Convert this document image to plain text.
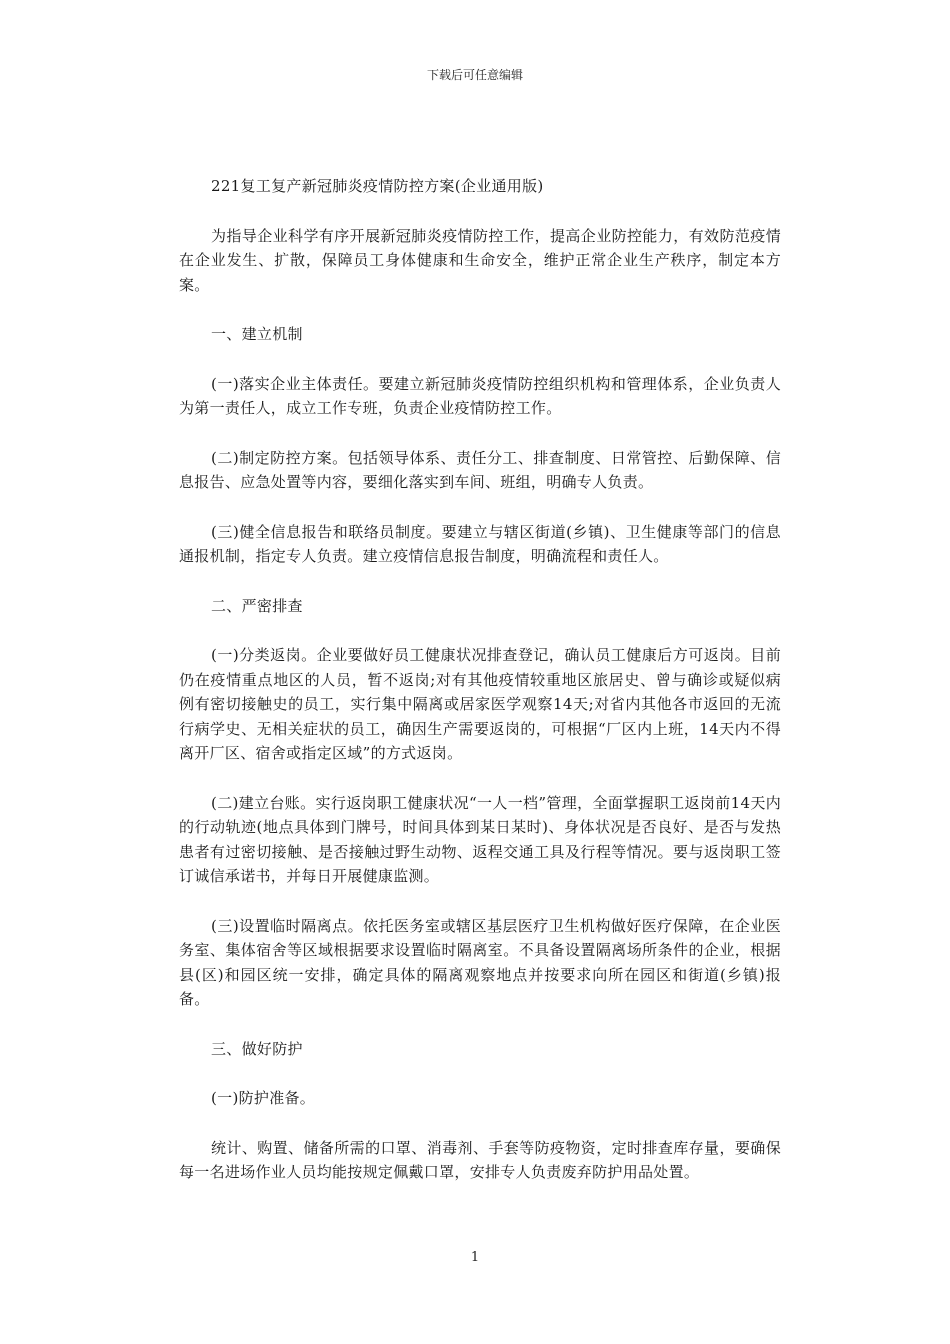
下载后可任意编辑

221复工复产新冠肺炎疫情防控方案(企业通用版)

为指导企业科学有序开展新冠肺炎疫情防控工作，提高企业防控能力，有效防范疫情在企业发生、扩散，保障员工身体健康和生命安全，维护正常企业生产秩序，制定本方案。

一、建立机制

(一)落实企业主体责任。要建立新冠肺炎疫情防控组织机构和管理体系，企业负责人为第一责任人，成立工作专班，负责企业疫情防控工作。

(二)制定防控方案。包括领导体系、责任分工、排查制度、日常管控、后勤保障、信息报告、应急处置等内容，要细化落实到车间、班组，明确专人负责。

(三)健全信息报告和联络员制度。要建立与辖区街道(乡镇)、卫生健康等部门的信息通报机制，指定专人负责。建立疫情信息报告制度，明确流程和责任人。

二、严密排查

(一)分类返岗。企业要做好员工健康状况排查登记，确认员工健康后方可返岗。目前仍在疫情重点地区的人员，暂不返岗;对有其他疫情较重地区旅居史、曾与确诊或疑似病例有密切接触史的员工，实行集中隔离或居家医学观察14天;对省内其他各市返回的无流行病学史、无相关症状的员工，确因生产需要返岗的，可根据“厂区内上班，14天内不得离开厂区、宿舍或指定区域”的方式返岗。

(二)建立台账。实行返岗职工健康状况“一人一档”管理，全面掌握职工返岗前14天内的行动轨迹(地点具体到门牌号，时间具体到某日某时)、身体状况是否良好、是否与发热患者有过密切接触、是否接触过野生动物、返程交通工具及行程等情况。要与返岗职工签订诚信承诺书，并每日开展健康监测。

(三)设置临时隔离点。依托医务室或辖区基层医疗卫生机构做好医疗保障，在企业医务室、集体宿舍等区域根据要求设置临时隔离室。不具备设置隔离场所条件的企业，根据县(区)和园区统一安排，确定具体的隔离观察地点并按要求向所在园区和街道(乡镇)报备。

三、做好防护

(一)防护准备。

统计、购置、储备所需的口罩、消毒剂、手套等防疫物资，定时排查库存量，要确保每一名进场作业人员均能按规定佩戴口罩，安排专人负责废弃防护用品处置。

1
